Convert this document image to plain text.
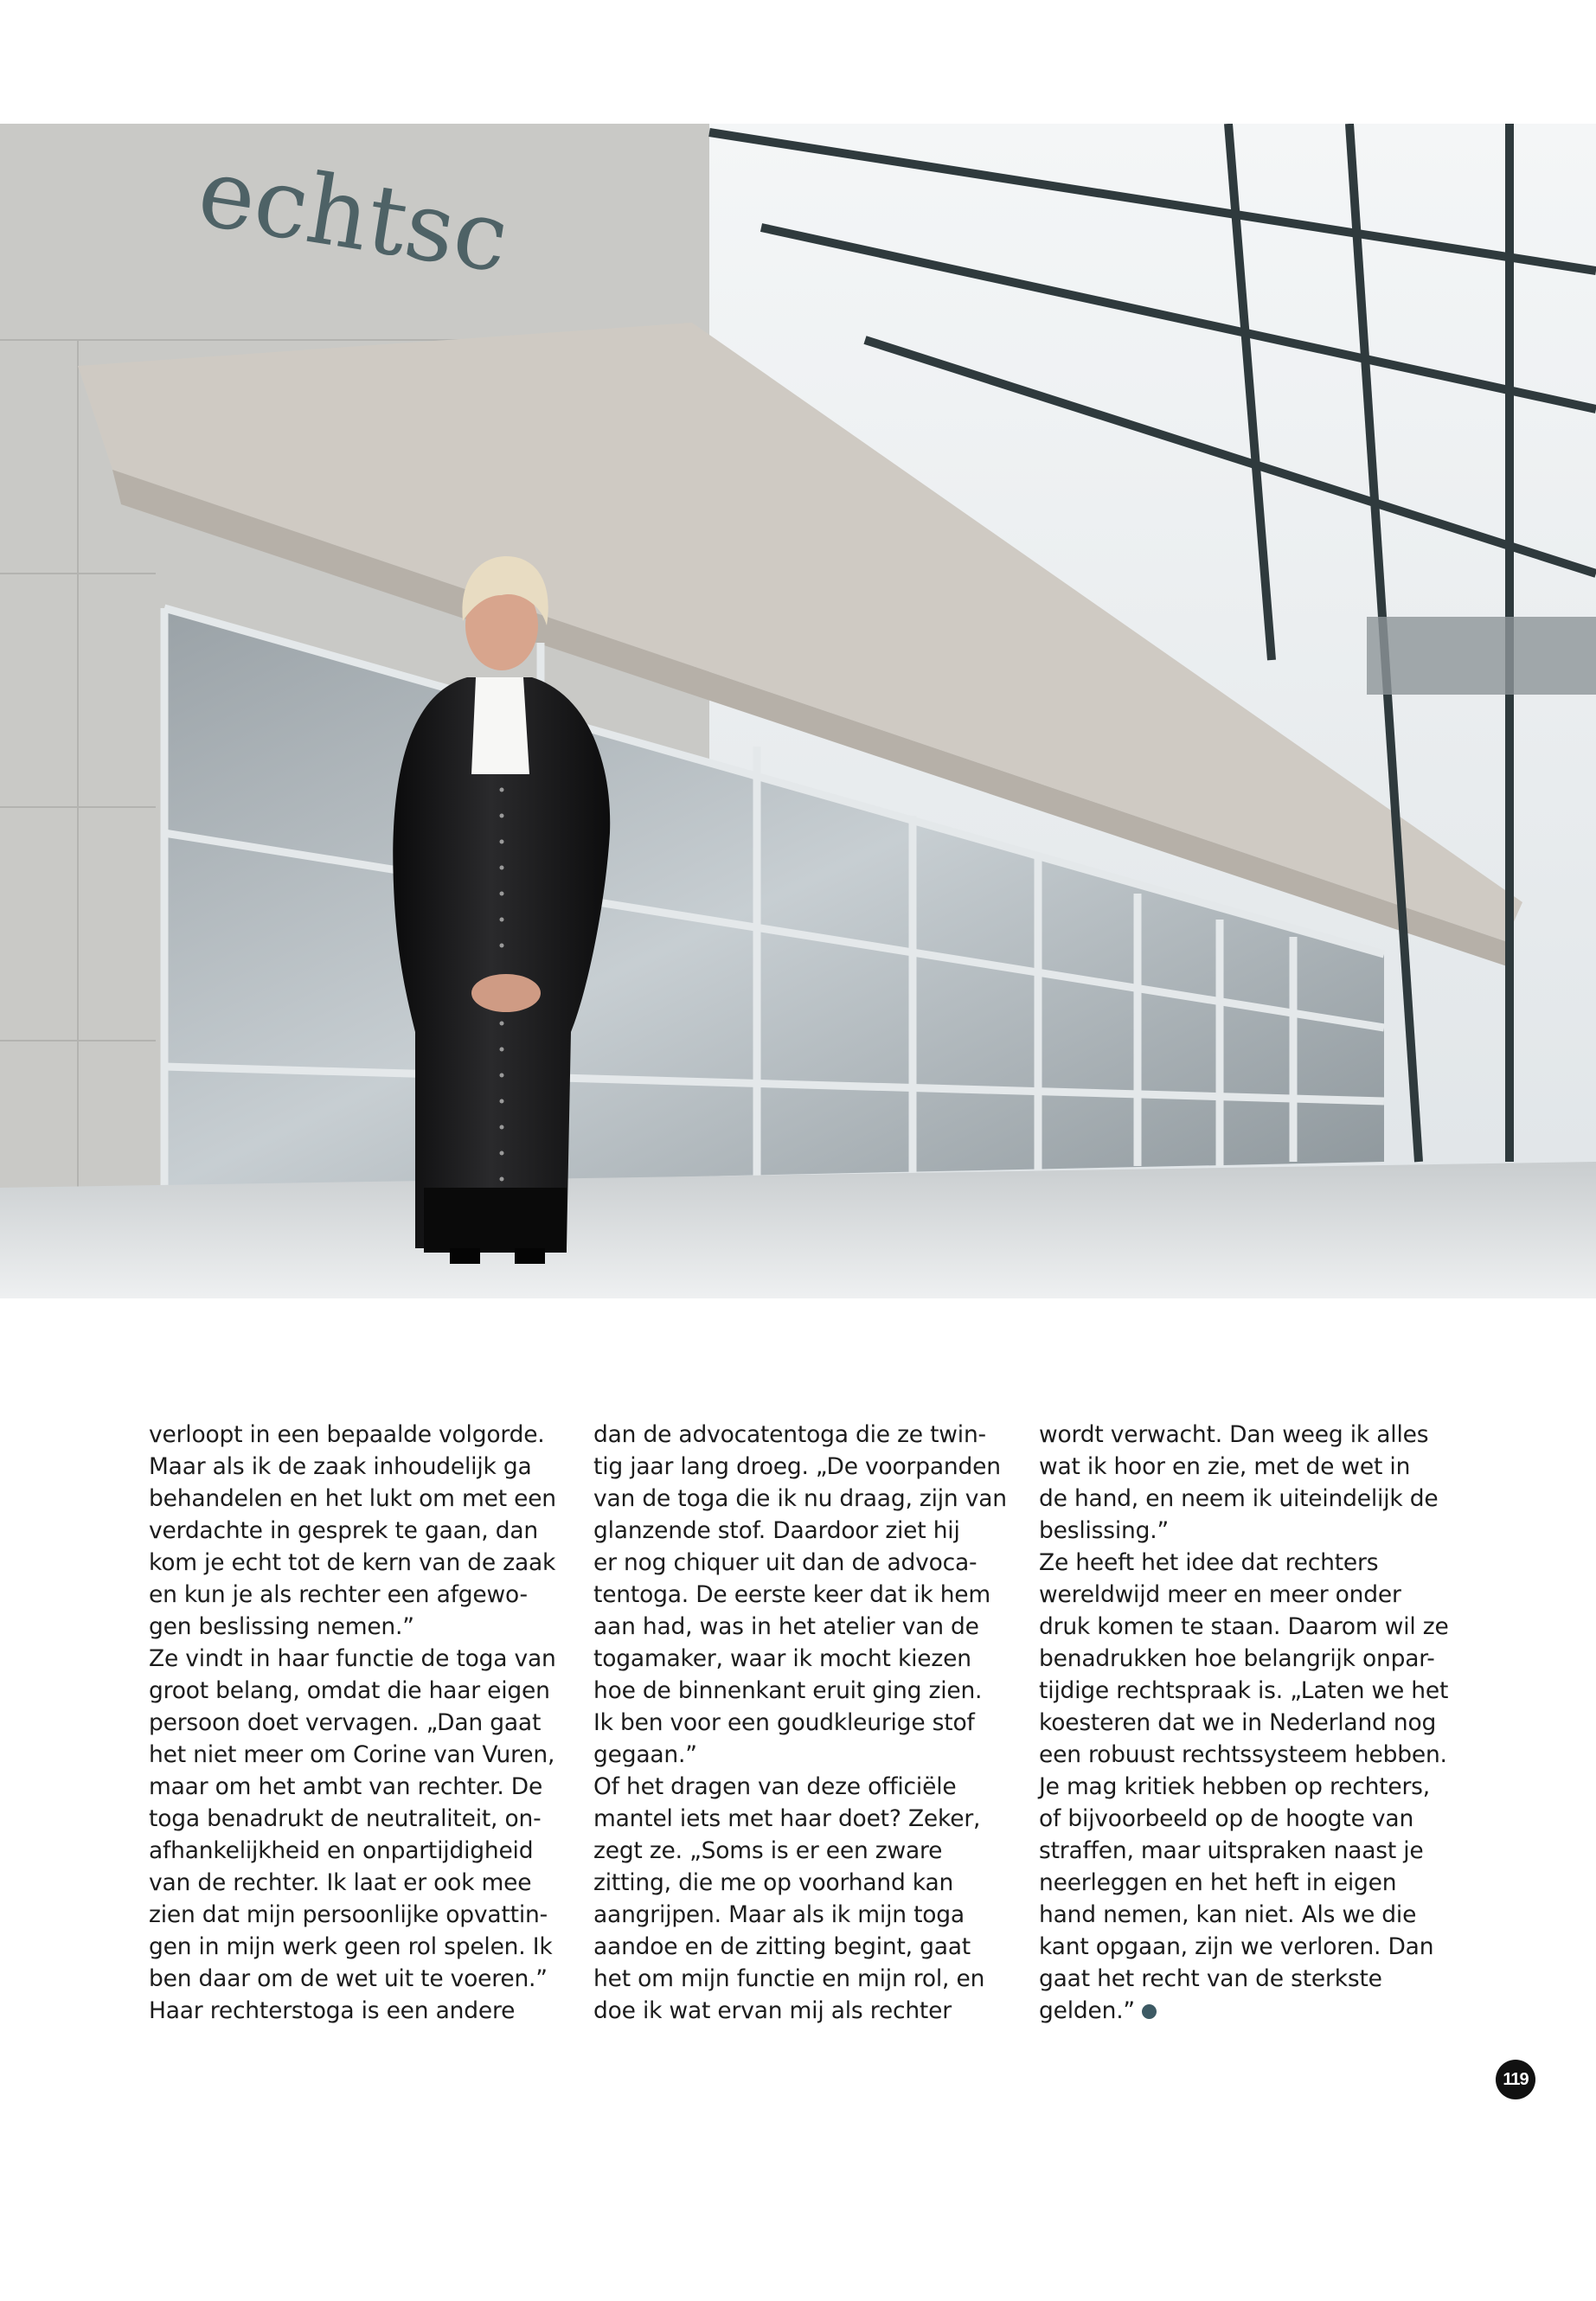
echtsc
verloopt in een bepaalde volgorde.
Maar als ik de zaak inhoudelijk ga
behandelen en het lukt om met een
verdachte in gesprek te gaan, dan
kom je echt tot de kern van de zaak
en kun je als rechter een afgewo-
gen beslissing nemen.”
Ze vindt in haar functie de toga van
groot belang, omdat die haar eigen
persoon doet vervagen. „Dan gaat
het niet meer om Corine van Vuren,
maar om het ambt van rechter. De
toga benadrukt de neutraliteit, on-
afhankelijkheid en onpartijdigheid
van de rechter. Ik laat er ook mee
zien dat mijn persoonlijke opvattin-
gen in mijn werk geen rol spelen. Ik
ben daar om de wet uit te voeren.”
Haar rechterstoga is een andere
dan de advocatentoga die ze twin-
tig jaar lang droeg. „De voorpanden
van de toga die ik nu draag, zijn van
glanzende stof. Daardoor ziet hij
er nog chiquer uit dan de advoca-
tentoga. De eerste keer dat ik hem
aan had, was in het atelier van de
togamaker, waar ik mocht kiezen
hoe de binnenkant eruit ging zien.
Ik ben voor een goudkleurige stof
gegaan.”
Of het dragen van deze officiële
mantel iets met haar doet? Zeker,
zegt ze. „Soms is er een zware
zitting, die me op voorhand kan
aangrijpen. Maar als ik mijn toga
aandoe en de zitting begint, gaat
het om mijn functie en mijn rol, en
doe ik wat ervan mij als rechter
wordt verwacht. Dan weeg ik alles
wat ik hoor en zie, met de wet in
de hand, en neem ik uiteindelijk de
beslissing.”
Ze heeft het idee dat rechters
wereldwijd meer en meer onder
druk komen te staan. Daarom wil ze
benadrukken hoe belangrijk onpar-
tijdige rechtspraak is. „Laten we het
koesteren dat we in Nederland nog
een robuust rechtssysteem hebben.
Je mag kritiek hebben op rechters,
of bijvoorbeeld op de hoogte van
straffen, maar uitspraken naast je
neerleggen en het heft in eigen
hand nemen, kan niet. Als we die
kant opgaan, zijn we verloren. Dan
gaat het recht van de sterkste
gelden.”
119
